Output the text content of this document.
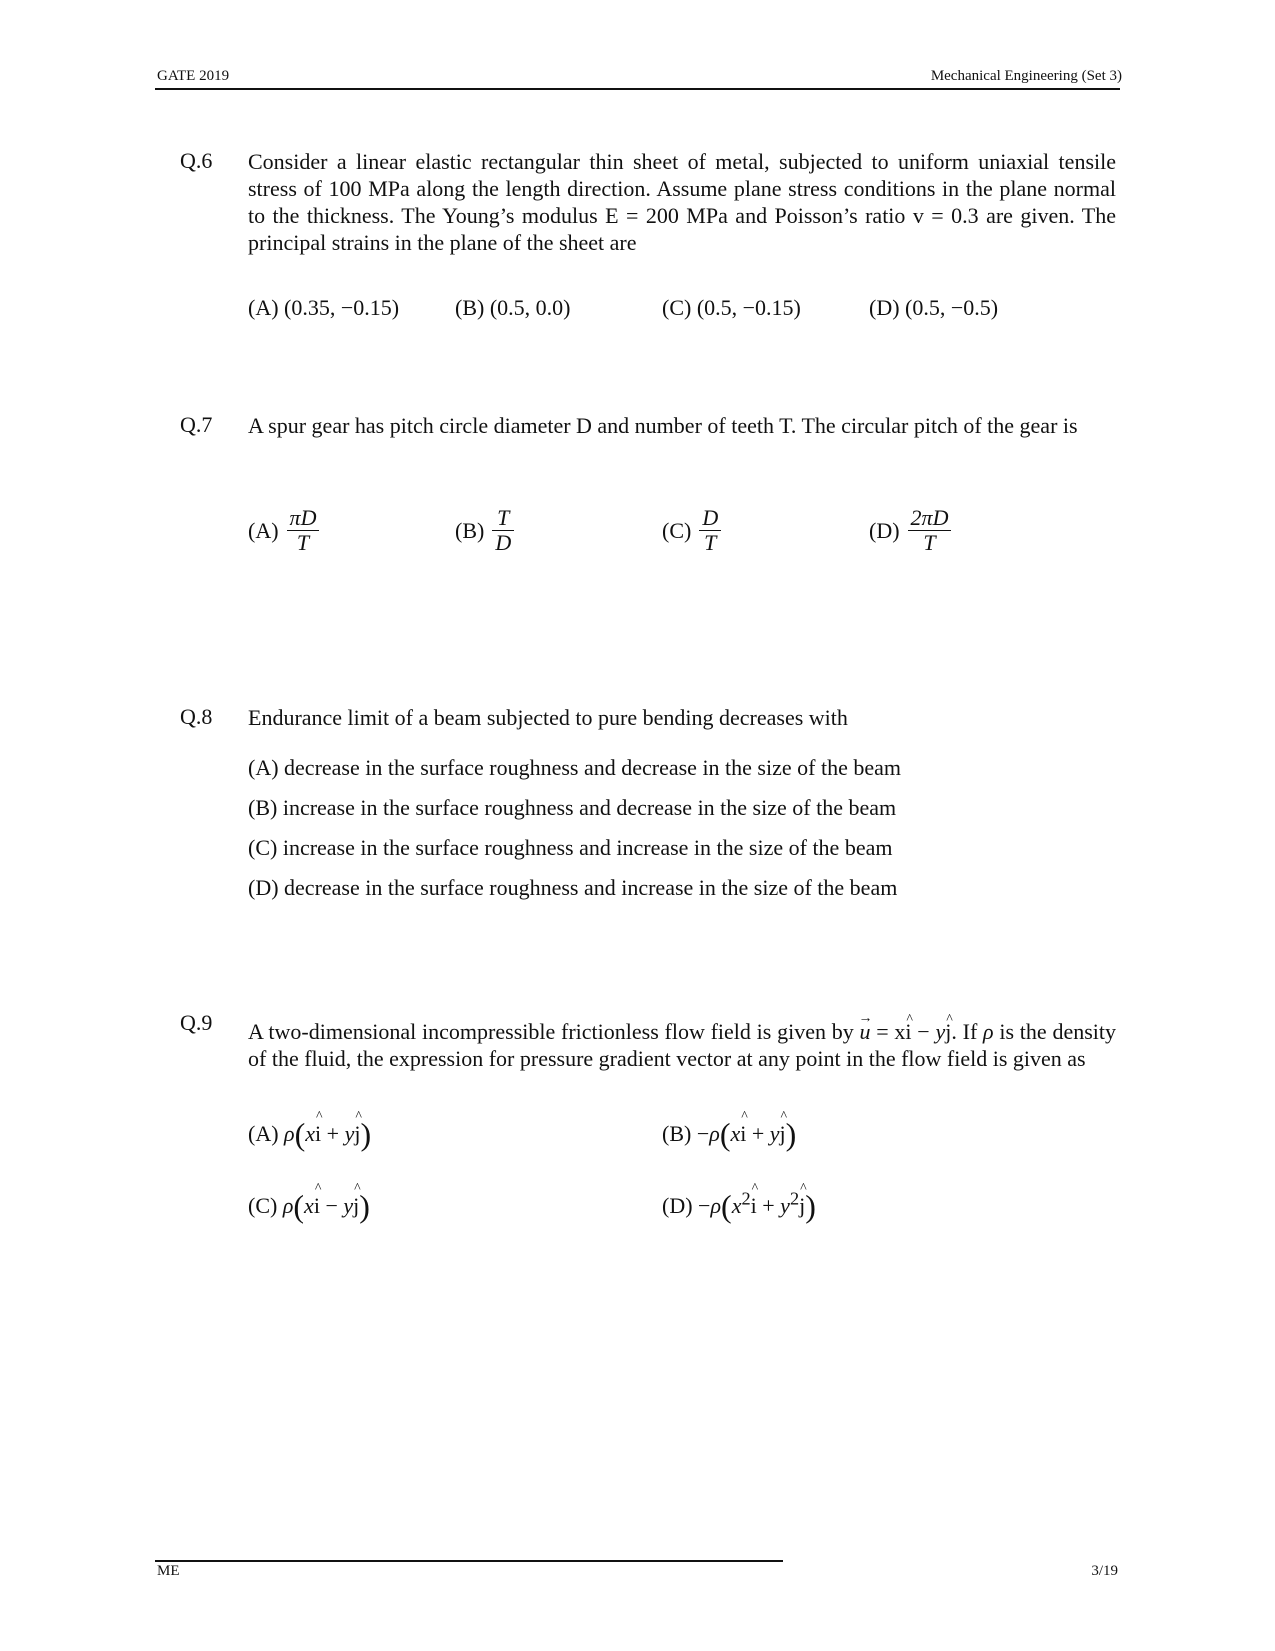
GATE 2019	Mechanical Engineering (Set 3)
Q.6 Consider a linear elastic rectangular thin sheet of metal, subjected to uniform uniaxial tensile stress of 100 MPa along the length direction. Assume plane stress conditions in the plane normal to the thickness. The Young’s modulus E = 200 MPa and Poisson’s ratio v = 0.3 are given. The principal strains in the plane of the sheet are
(A) (0.35, −0.15)	(B) (0.5, 0.0)	(C) (0.5, −0.15)	(D) (0.5, −0.5)
Q.7 A spur gear has pitch circle diameter D and number of teeth T. The circular pitch of the gear is
$(A) \frac{\pi D}{T}$	$(B) \frac{T}{D}$	$(C) \frac{D}{T}$	$(D) \frac{2\pi D}{T}$
Q.8 Endurance limit of a beam subjected to pure bending decreases with
(A) decrease in the surface roughness and decrease in the size of the beam
(B) increase in the surface roughness and decrease in the size of the beam
(C) increase in the surface roughness and increase in the size of the beam
(D) decrease in the surface roughness and increase in the size of the beam
Q.9 A two-dimensional incompressible frictionless flow field is given by → u = x^ i − y^ j. If ρ is the density of the fluid, the expression for pressure gradient vector at any point in the flow field is given as
(A) ρ(x^ i + y^ j)	(B) −ρ(x^ i + y^ j)
(C) ρ(x^ i − y^ j)	$(D) -\rho(x^2\^{}$ $i + y^2\^{}$ j)
ME	3/19
